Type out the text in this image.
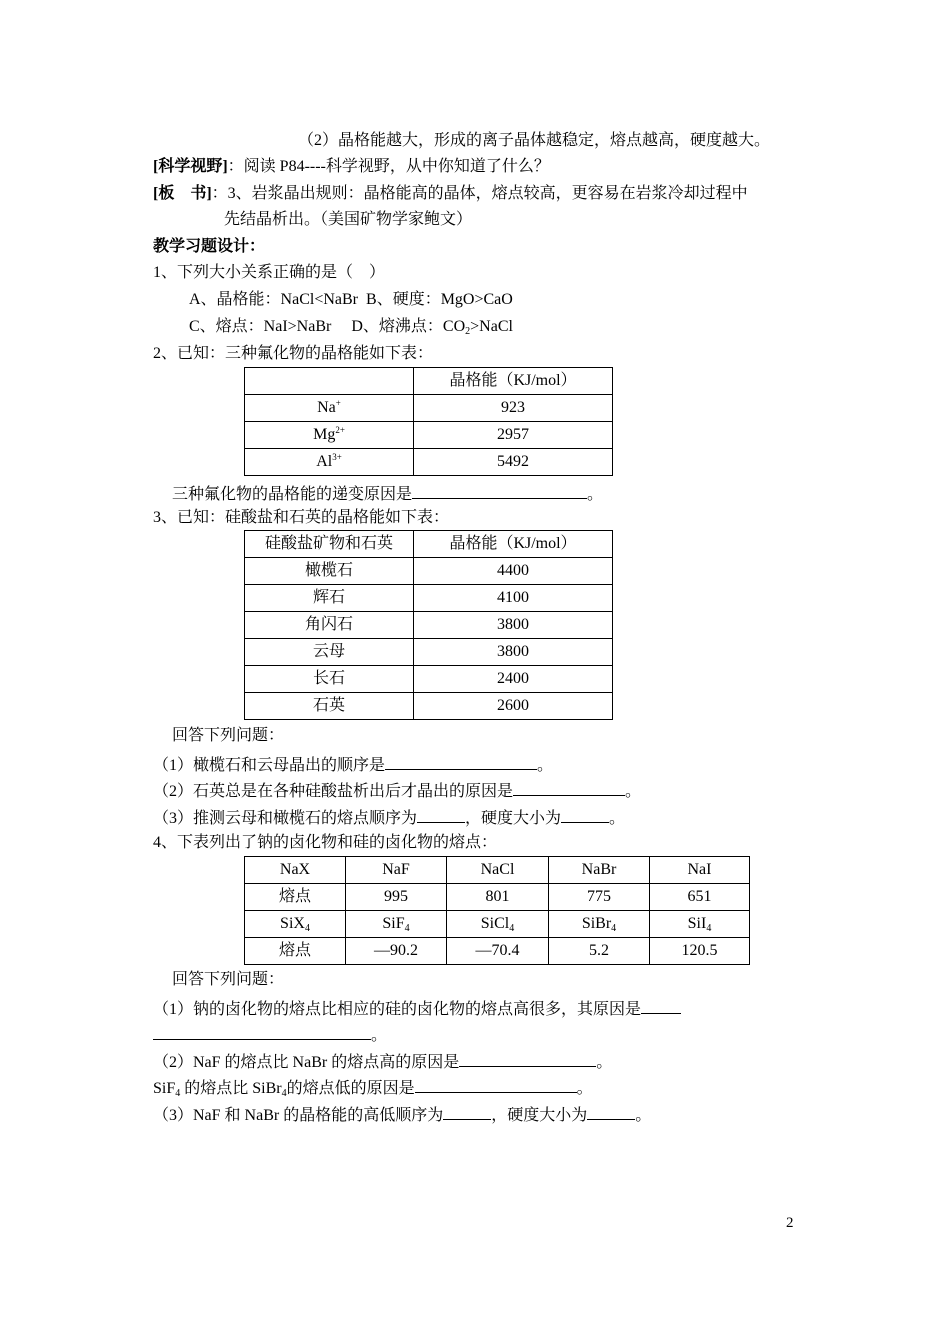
（2）晶格能越大，形成的离子晶体越稳定，熔点越高，硬度越大。
[科学视野]：阅读 P84----科学视野，从中你知道了什么？
[板　书]：3、岩浆晶出规则：晶格能高的晶体，熔点较高，更容易在岩浆冷却过程中
先结晶析出。（美国矿物学家鲍文）
教学习题设计：
1、下列大小关系正确的是（　）
A、晶格能：NaCl<NaBr B、硬度：MgO>CaO
C、熔点：NaI>NaBr D、熔沸点：$CO_2>NaCl$
2、已知：三种氟化物的晶格能如下表：
	晶格能（KJ/mol）
Na+	923
$Mg^{2+}$	2957
$Al^{3+}$	5492
三种氟化物的晶格能的递变原因是	。
3、已知：硅酸盐和石英的晶格能如下表：
硅酸盐矿物和石英	晶格能（KJ/mol）
橄榄石	4400
辉石	4100
角闪石	3800
云母	3800
长石	2400
石英	2600
回答下列问题：
（1）橄榄石和云母晶出的顺序是	。
（2）石英总是在各种硅酸盐析出后才晶出的原因是	。
（3）推测云母和橄榄石的熔点顺序为	，硬度大小为	。
4、下表列出了钠的卤化物和硅的卤化物的熔点：
NaX	NaF	NaCl	NaBr	NaI
熔点	995	801	775	651
SiX$_4$	SiF$_4$	SiCl$_4$	SiBr$_4$	SiI$_4$
熔点	—90.2	—70.4	5.2	120.5
回答下列问题：
（1）钠的卤化物的熔点比相应的硅的卤化物的熔点高很多，其原因是
。
（2）NaF 的熔点比 NaBr 的熔点高的原因是	。
SiF$_4$ 的熔点比 SiBr$_4$的熔点低的原因是	。
（3）NaF 和 NaBr 的晶格能的高低顺序为	，硬度大小为	。
2
